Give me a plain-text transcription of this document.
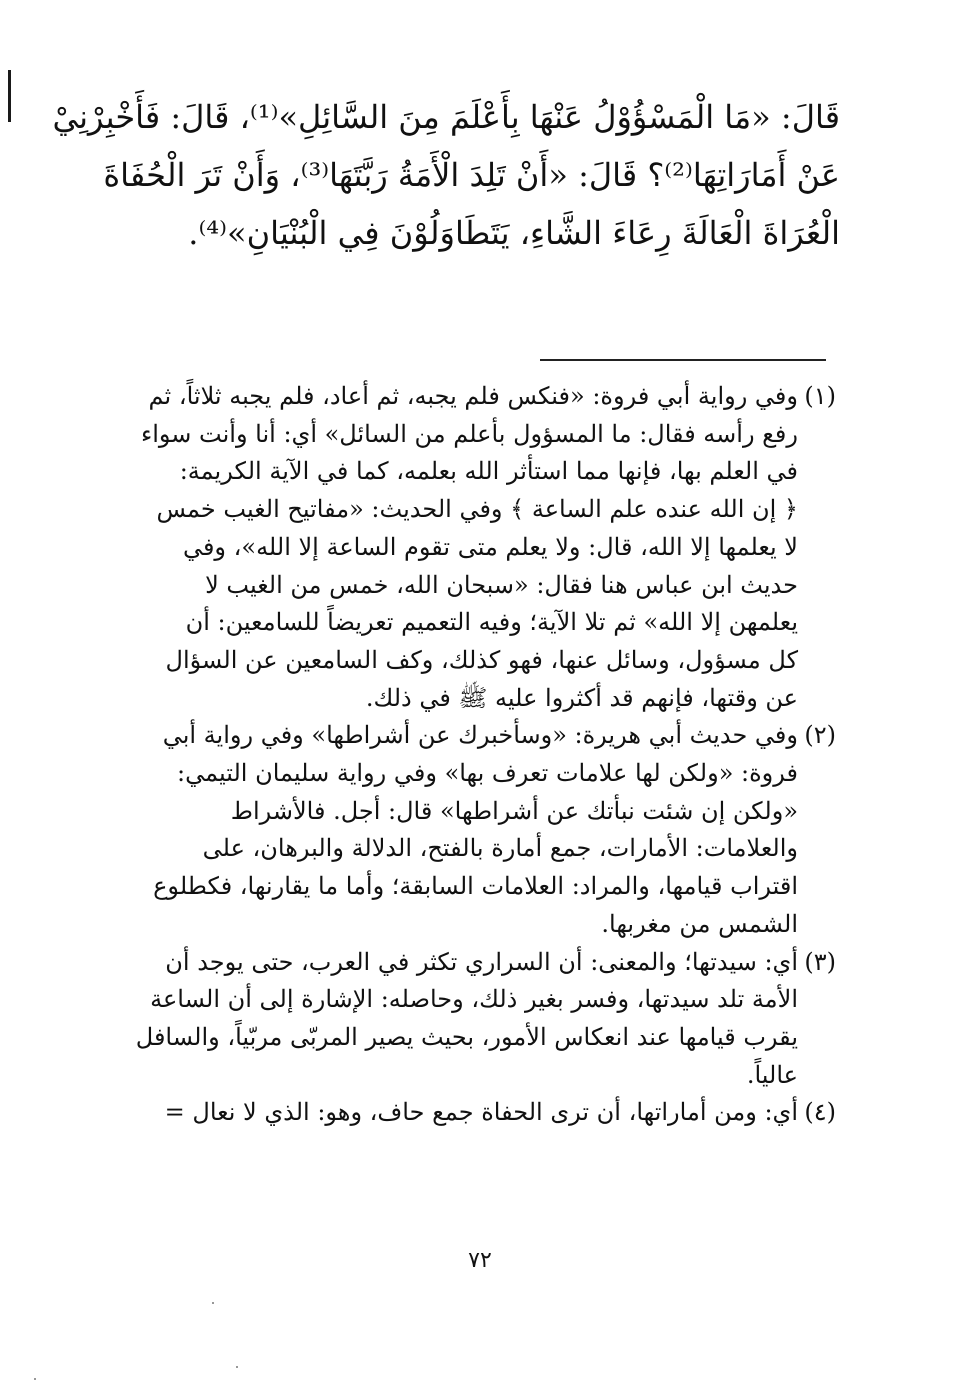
قَالَ: «مَا الْمَسْؤُوْلُ عَنْهَا بِأَعْلَمَ مِنَ السَّائِلِ»⁽¹⁾، قَالَ: فَأَخْبِرْنِيْ
عَنْ أَمَارَاتِهَا⁽²⁾؟ قَالَ: «أَنْ تَلِدَ الْأَمَةُ رَبَّتَهَا⁽³⁾، وَأَنْ تَرَ الْحُفَاةَ
الْعُرَاةَ الْعَالَةَ رِعَاءَ الشَّاءِ، يَتَطَاوَلُوْنَ فِي الْبُنْيَانِ»⁽⁴⁾.
(١)
وفي رواية أبي فروة: «فنكس فلم يجبه، ثم أعاد، فلم يجبه ثلاثاً، ثم
رفع رأسه فقال: ما المسؤول بأعلم من السائل» أي: أنا وأنت سواء
في العلم بها، فإنها مما استأثر الله بعلمه، كما في الآية الكريمة:
﴿ إن الله عنده علم الساعة ﴾ وفي الحديث: «مفاتيح الغيب خمس
لا يعلمها إلا الله، قال: ولا يعلم متى تقوم الساعة إلا الله»، وفي
حديث ابن عباس هنا فقال: «سبحان الله، خمس من الغيب لا
يعلمهن إلا الله» ثم تلا الآية؛ وفيه التعميم تعريضاً للسامعين: أن
كل مسؤول، وسائل عنها، فهو كذلك، وكف السامعين عن السؤال
عن وقتها، فإنهم قد أكثروا عليه ﷺ في ذلك.
(٢)
وفي حديث أبي هريرة: «وسأخبرك عن أشراطها» وفي رواية أبي
فروة: «ولكن لها علامات تعرف بها» وفي رواية سليمان التيمي:
«ولكن إن شئت نبأتك عن أشراطها» قال: أجل. فالأشراط
والعلامات: الأمارات، جمع أمارة بالفتح، الدلالة والبرهان، على
اقتراب قيامها، والمراد: العلامات السابقة؛ وأما ما يقارنها، فكطلوع
الشمس من مغربها.
(٣)
أي: سيدتها؛ والمعنى: أن السراري تكثر في العرب، حتى يوجد أن
الأمة تلد سيدتها، وفسر بغير ذلك، وحاصله: الإشارة إلى أن الساعة
يقرب قيامها عند انعكاس الأمور، بحيث يصير المربّى مربّياً، والسافل
عالياً.
(٤)
أي: ومن أماراتها، أن ترى الحفاة جمع حاف، وهو: الذي لا نعال =
٧٢
